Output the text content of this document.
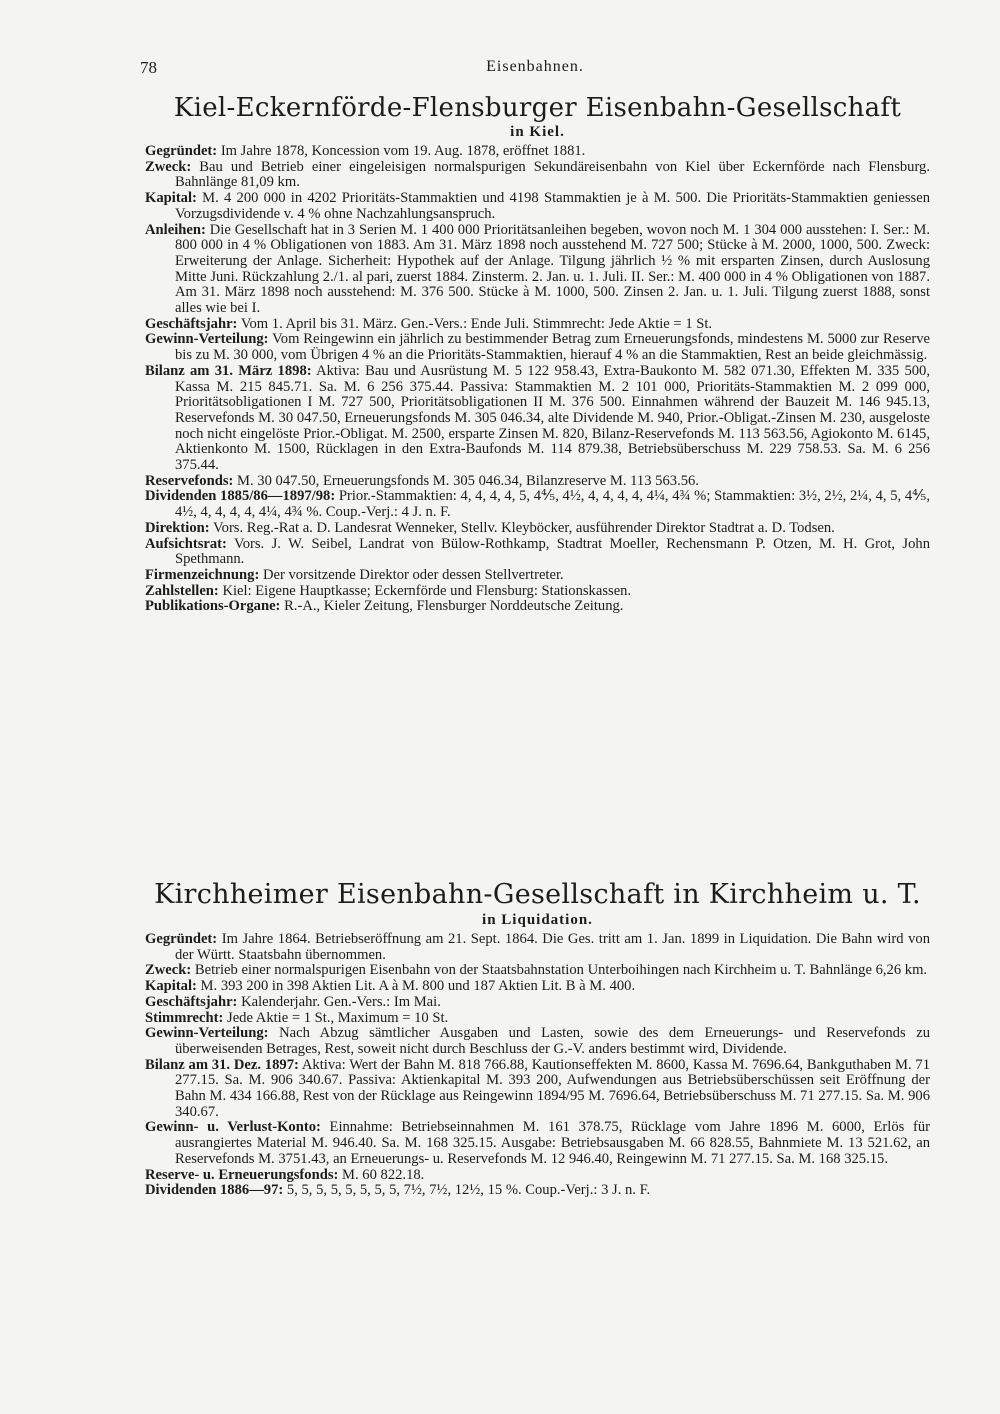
78	Eisenbahnen.
Kiel-Eckernförde-Flensburger Eisenbahn-Gesellschaft
in Kiel.
Gegründet: Im Jahre 1878, Koncession vom 19. Aug. 1878, eröffnet 1881.
Zweck: Bau und Betrieb einer eingeleisigen normalspurigen Sekundäreisenbahn von Kiel über Eckernförde nach Flensburg. Bahnlänge 81,09 km.
Kapital: M. 4 200 000 in 4202 Prioritäts-Stammaktien und 4198 Stammaktien je à M. 500. Die Prioritäts-Stammaktien geniessen Vorzugsdividende v. 4 % ohne Nachzahlungsanspruch.
Anleihen: Die Gesellschaft hat in 3 Serien M. 1 400 000 Prioritätsanleihen begeben, wovon noch M. 1 304 000 ausstehen: I. Ser.: M. 800 000 in 4 % Obligationen von 1883. Am 31. März 1898 noch ausstehend M. 727 500; Stücke à M. 2000, 1000, 500. Zweck: Erweiterung der Anlage. Sicherheit: Hypothek auf der Anlage. Tilgung jährlich ½ % mit ersparten Zinsen, durch Auslosung Mitte Juni. Rückzahlung 2./1. al pari, zuerst 1884. Zinsterm. 2. Jan. u. 1. Juli. II. Ser.: M. 400 000 in 4 % Obligationen von 1887. Am 31. März 1898 noch ausstehend: M. 376 500. Stücke à M. 1000, 500. Zinsen 2. Jan. u. 1. Juli. Tilgung zuerst 1888, sonst alles wie bei I.
Geschäftsjahr: Vom 1. April bis 31. März. Gen.-Vers.: Ende Juli. Stimmrecht: Jede Aktie = 1 St.
Gewinn-Verteilung: Vom Reingewinn ein jährlich zu bestimmender Betrag zum Erneuerungsfonds, mindestens M. 5000 zur Reserve bis zu M. 30 000, vom Übrigen 4 % an die Prioritäts-Stammaktien, hierauf 4 % an die Stammaktien, Rest an beide gleichmässig.
Bilanz am 31. März 1898: Aktiva: Bau und Ausrüstung M. 5 122 958.43, Extra-Baukonto M. 582 071.30, Effekten M. 335 500, Kassa M. 215 845.71. Sa. M. 6 256 375.44. Passiva: Stammaktien M. 2 101 000, Prioritäts-Stammaktien M. 2 099 000, Prioritätsobligationen I M. 727 500, Prioritätsobligationen II M. 376 500. Einnahmen während der Bauzeit M. 146 945.13, Reservefonds M. 30 047.50, Erneuerungsfonds M. 305 046.34, alte Dividende M. 940, Prior.-Obligat.-Zinsen M. 230, ausgeloste noch nicht eingelöste Prior.-Obligat. M. 2500, ersparte Zinsen M. 820, Bilanz-Reservefonds M. 113 563.56, Agiokonto M. 6145, Aktienkonto M. 1500, Rücklagen in den Extra-Baufonds M. 114 879.38, Betriebsüberschuss M. 229 758.53. Sa. M. 6 256 375.44.
Reservefonds: M. 30 047.50, Erneuerungsfonds M. 305 046.34, Bilanzreserve M. 113 563.56.
Dividenden 1885/86—1897/98: Prior.-Stammaktien: 4, 4, 4, 4, 5, 4⅘, 4½, 4, 4, 4, 4, 4¼, 4¾ %; Stammaktien: 3½, 2½, 2¼, 4, 5, 4⅘, 4½, 4, 4, 4, 4, 4¼, 4¾ %. Coup.-Verj.: 4 J. n. F.
Direktion: Vors. Reg.-Rat a. D. Landesrat Wenneker, Stellv. Kleyböcker, ausführender Direktor Stadtrat a. D. Todsen.
Aufsichtsrat: Vors. J. W. Seibel, Landrat von Bülow-Rothkamp, Stadtrat Moeller, Rechensmann P. Otzen, M. H. Grot, John Spethmann.
Firmenzeichnung: Der vorsitzende Direktor oder dessen Stellvertreter.
Zahlstellen: Kiel: Eigene Hauptkasse; Eckernförde und Flensburg: Stationskassen.
Publikations-Organe: R.-A., Kieler Zeitung, Flensburger Norddeutsche Zeitung.
Kirchheimer Eisenbahn-Gesellschaft in Kirchheim u. T.
in Liquidation.
Gegründet: Im Jahre 1864. Betriebseröffnung am 21. Sept. 1864. Die Ges. tritt am 1. Jan. 1899 in Liquidation. Die Bahn wird von der Württ. Staatsbahn übernommen.
Zweck: Betrieb einer normalspurigen Eisenbahn von der Staatsbahnstation Unterboihingen nach Kirchheim u. T. Bahnlänge 6,26 km.
Kapital: M. 393 200 in 398 Aktien Lit. A à M. 800 und 187 Aktien Lit. B à M. 400.
Geschäftsjahr: Kalenderjahr. Gen.-Vers.: Im Mai.
Stimmrecht: Jede Aktie = 1 St., Maximum = 10 St.
Gewinn-Verteilung: Nach Abzug sämtlicher Ausgaben und Lasten, sowie des dem Erneuerungs- und Reservefonds zu überweisenden Betrages, Rest, soweit nicht durch Beschluss der G.-V. anders bestimmt wird, Dividende.
Bilanz am 31. Dez. 1897: Aktiva: Wert der Bahn M. 818 766.88, Kautionseffekten M. 8600, Kassa M. 7696.64, Bankguthaben M. 71 277.15. Sa. M. 906 340.67. Passiva: Aktienkapital M. 393 200, Aufwendungen aus Betriebsüberschüssen seit Eröffnung der Bahn M. 434 166.88, Rest von der Rücklage aus Reingewinn 1894/95 M. 7696.64, Betriebsüberschuss M. 71 277.15. Sa. M. 906 340.67.
Gewinn- u. Verlust-Konto: Einnahme: Betriebseinnahmen M. 161 378.75, Rücklage vom Jahre 1896 M. 6000, Erlös für ausrangiertes Material M. 946.40. Sa. M. 168 325.15. Ausgabe: Betriebsausgaben M. 66 828.55, Bahnmiete M. 13 521.62, an Reservefonds M. 3751.43, an Erneuerungs- u. Reservefonds M. 12 946.40, Reingewinn M. 71 277.15. Sa. M. 168 325.15.
Reserve- u. Erneuerungsfonds: M. 60 822.18.
Dividenden 1886—97: 5, 5, 5, 5, 5, 5, 5, 5, 7½, 7½, 12½, 15 %. Coup.-Verj.: 3 J. n. F.
